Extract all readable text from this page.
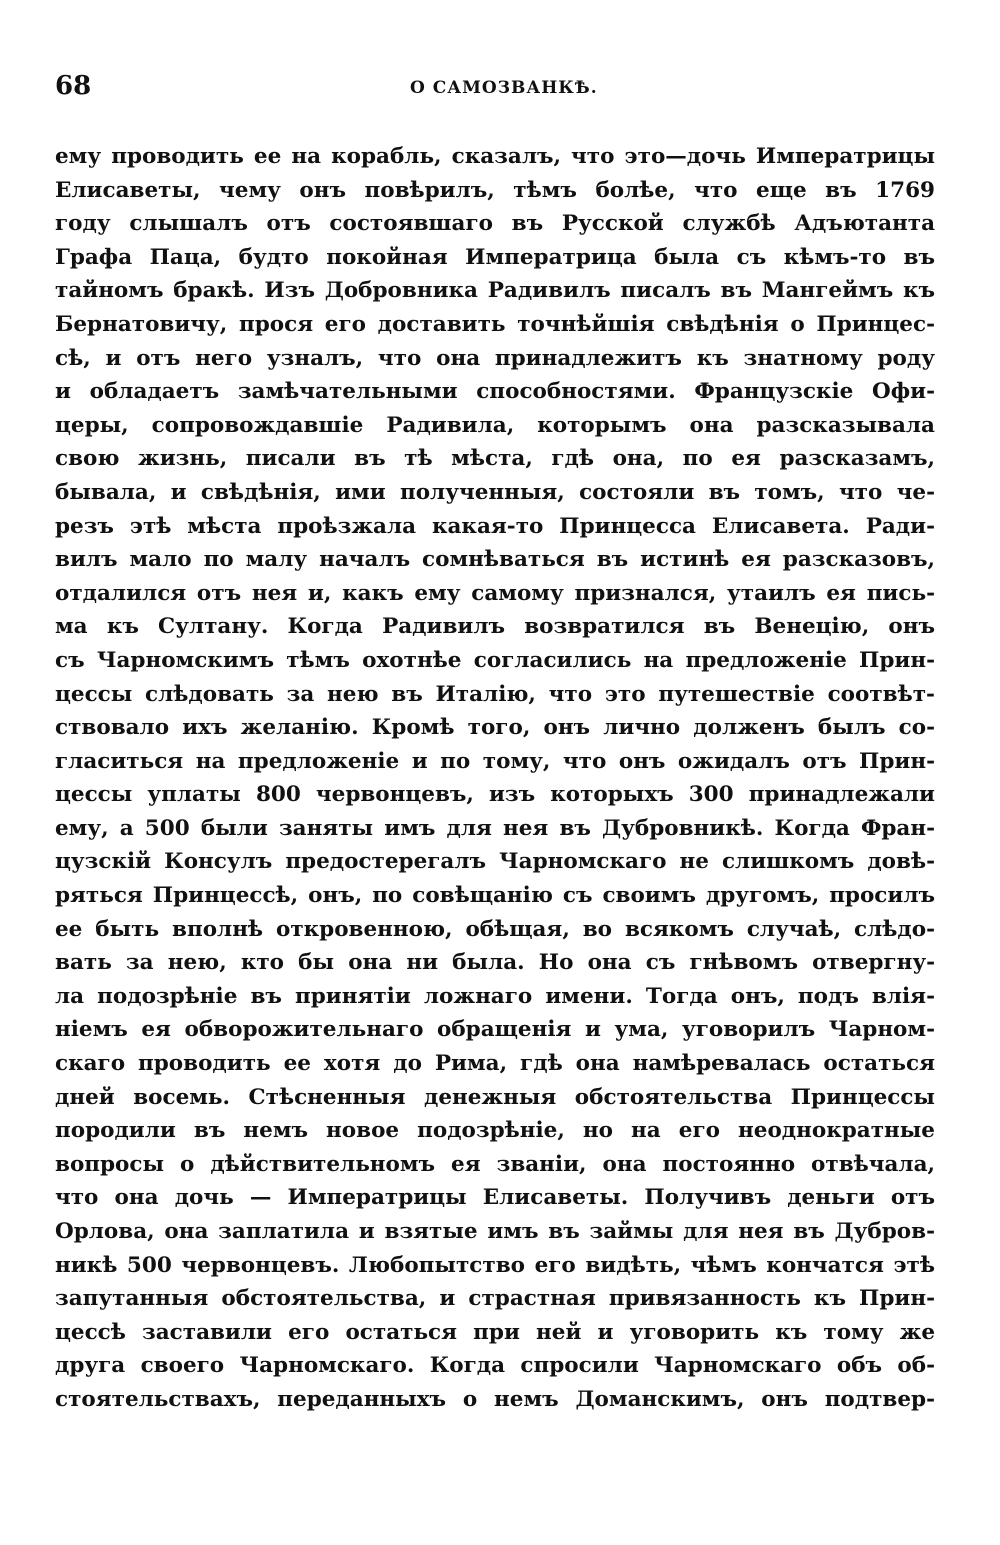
68	О САМОЗВАНКѢ.
ему проводить ее на корабль, сказалъ, что это—дочь Императрицы
Елисаветы, чему онъ повѣрилъ, тѣмъ болѣе, что еще въ 1769
году слышалъ отъ состоявшаго въ Русской службѣ Адъютанта
Графа Паца, будто покойная Императрица была съ кѣмъ-то въ
тайномъ бракѣ. Изъ Добровника Радивилъ писалъ въ Мангеймъ къ
Бернатовичу, прося его доставить точнѣйшія свѣдѣнія о Принцес-
сѣ, и отъ него узналъ, что она принадлежитъ къ знатному роду
и обладаетъ замѣчательными способностями. Французскіе Офи-
церы, сопровождавшіе Радивила, которымъ она разсказывала
свою жизнь, писали въ тѣ мѣста, гдѣ она, по ея разсказамъ,
бывала, и свѣдѣнія, ими полученныя, состояли въ томъ, что че-
резъ этѣ мѣста проѣзжала какая-то Принцесса Елисавета. Ради-
вилъ мало по малу началъ сомнѣваться въ истинѣ ея разсказовъ,
отдалился отъ нея и, какъ ему самому признался, утаилъ ея пись-
ма къ Султану. Когда Радивилъ возвратился въ Венецію, онъ
съ Чарномскимъ тѣмъ охотнѣе согласились на предложеніе Прин-
цессы слѣдовать за нею въ Италію, что это путешествіе соотвѣт-
ствовало ихъ желанію. Кромѣ того, онъ лично долженъ былъ со-
гласиться на предложеніе и по тому, что онъ ожидалъ отъ Прин-
цессы уплаты 800 червонцевъ, изъ которыхъ 300 принадлежали
ему, а 500 были заняты имъ для нея въ Дубровникѣ. Когда Фран-
цузскій Консулъ предостерегалъ Чарномскаго не слишкомъ довѣ-
ряться Принцессѣ, онъ, по совѣщанію съ своимъ другомъ, просилъ
ее быть вполнѣ откровенною, обѣщая, во всякомъ случаѣ, слѣдо-
вать за нею, кто бы она ни была. Но она съ гнѣвомъ отвергну-
ла подозрѣніе въ принятіи ложнаго имени. Тогда онъ, подъ влія-
ніемъ ея обворожительнаго обращенія и ума, уговорилъ Чарном-
скаго проводить ее хотя до Рима, гдѣ она намѣревалась остаться
дней восемь. Стѣсненныя денежныя обстоятельства Принцессы
породили въ немъ новое подозрѣніе, но на его неоднократные
вопросы о дѣйствительномъ ея званіи, она постоянно отвѣчала,
что она дочь — Императрицы Елисаветы. Получивъ деньги отъ
Орлова, она заплатила и взятые имъ въ займы для нея въ Дубров-
никѣ 500 червонцевъ. Любопытство его видѣть, чѣмъ кончатся этѣ
запутанныя обстоятельства, и страстная привязанность къ Прин-
цессѣ заставили его остаться при ней и уговорить къ тому же
друга своего Чарномскаго. Когда спросили Чарномскаго объ об-
стоятельствахъ, переданныхъ о немъ Доманскимъ, онъ подтвер-
